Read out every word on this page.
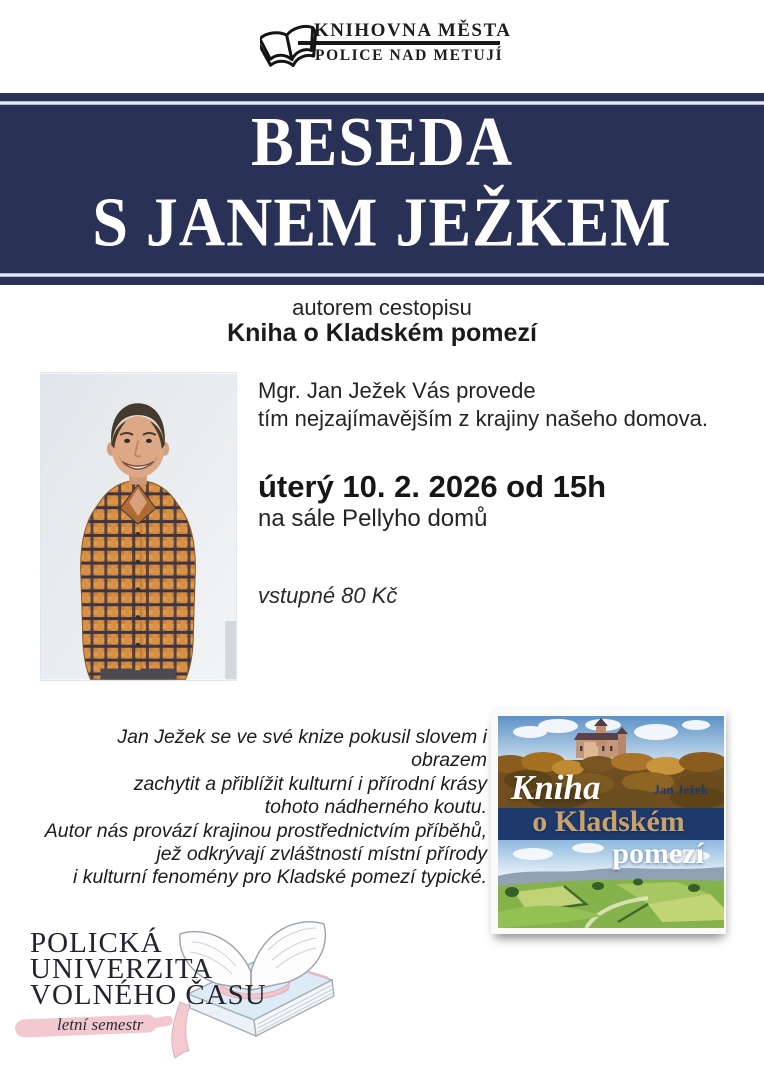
KNIHOVNA MĚSTA
POLICE NAD METUJÍ
BESEDA
S JANEM JEŽKEM
autorem cestopisu
Kniha o Kladském pomezí
Mgr. Jan Ježek Vás provede
tím nejzajímavějším z krajiny našeho domova.
úterý 10. 2. 2026 od 15h
na sále Pellyho domů
vstupné 80 Kč
Jan Ježek se ve své knize pokusil slovem i obrazem
zachytit a přiblížit kulturní i přírodní krásy
tohoto nádherného koutu.
Autor nás provází krajinou prostřednictvím příběhů,
jež odkrývají zvláštností místní přírody
i kulturní fenomény pro Kladské pomezí typické.
Jan Ježek
Kniha
o Kladském
pomezí
POLICKÁ
UNIVERZITA
VOLNÉHO ČASU
letní semestr
